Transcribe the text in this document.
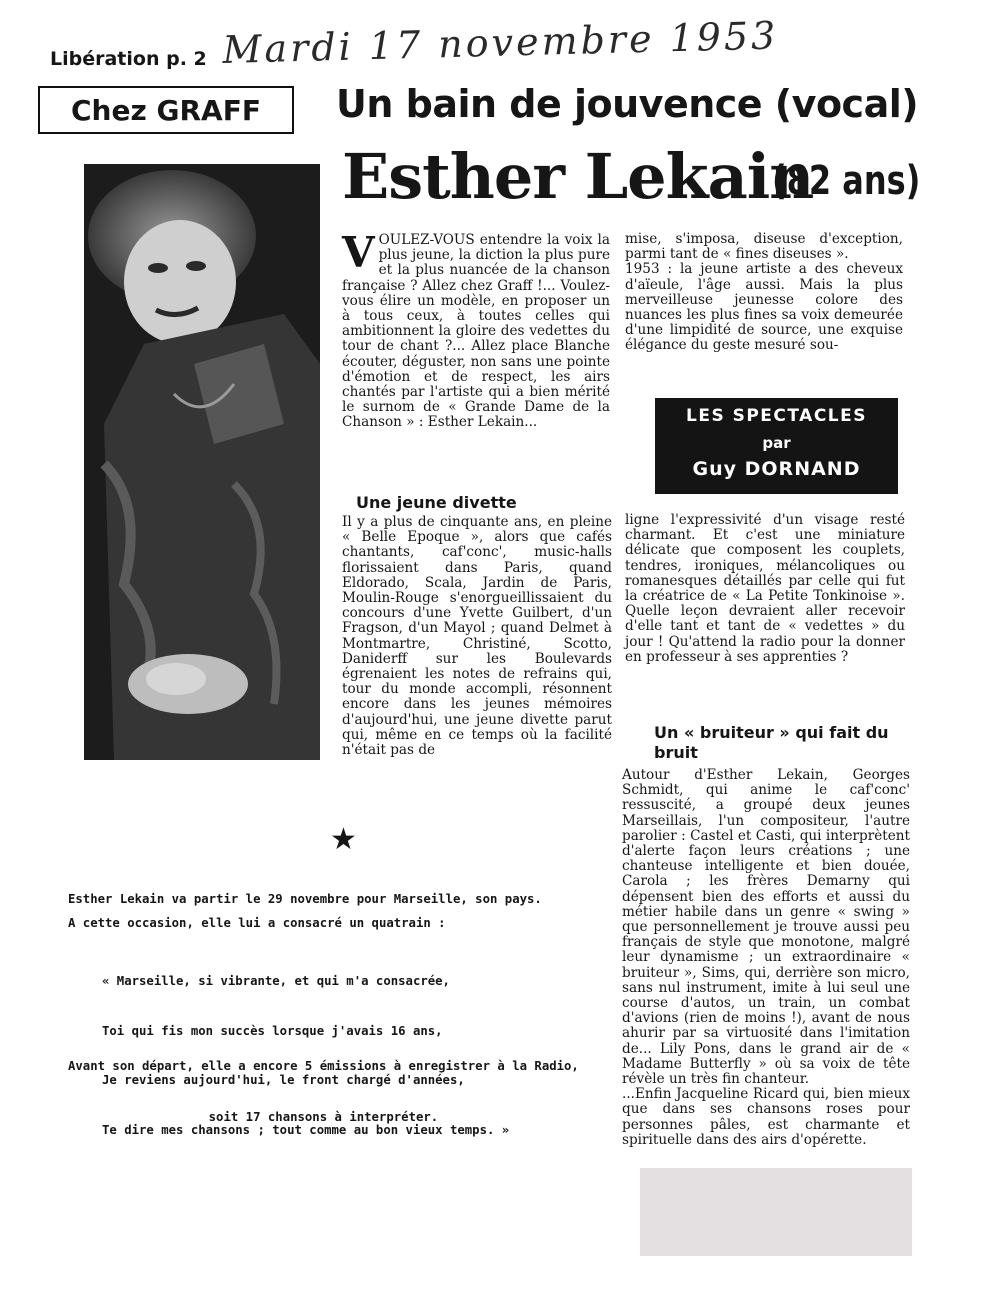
Libération p. 2 Mardi 17 novembre 1953
Chez GRAFF Un bain de jouvence (vocal)
Esther Lekain
(82 ans)
V OULEZ-VOUS entendre la voix la plus jeune, la diction la plus pure et la plus nuancée de la chanson française ? Allez chez Graff !... Voulez-vous élire un modèle, en proposer un à tous ceux, à toutes celles qui ambitionnent la gloire des vedettes du tour de chant ?... Allez place Blanche écouter, déguster, non sans une pointe d'émotion et de respect, les airs chantés par l'artiste qui a bien mérité le surnom de « Grande Dame de la Chanson » : Esther Lekain...

Une jeune divette

Il y a plus de cinquante ans, en pleine « Belle Epoque », alors que cafés chantants, caf'conc', music-halls florissaient dans Paris, quand Eldorado, Scala, Jardin de Paris, Moulin-Rouge s'enorgueillissaient du concours d'une Yvette Guilbert, d'un Fragson, d'un Mayol ; quand Delmet à Montmartre, Christiné, Scotto, Daniderff sur les Boulevards égrenaient les notes de refrains qui, tour du monde accompli, résonnent encore dans les jeunes mémoires d'aujourd'hui, une jeune divette parut qui, même en ce temps où la facilité n'était pas de

mise, s'imposa, diseuse d'exception, parmi tant de « fines diseuses ».

1953 : la jeune artiste a des cheveux d'aïeule, l'âge aussi. Mais la plus merveilleuse jeunesse colore des nuances les plus fines sa voix demeurée d'une limpidité de source, une exquise élégance du geste mesuré sou-

LES SPECTACLES
par
Guy DORNAND

ligne l'expressivité d'un visage resté charmant. Et c'est une miniature délicate que composent les couplets, tendres, ironiques, mélancoliques ou romanesques détaillés par celle qui fut la créatrice de « La Petite Tonkinoise ». Quelle leçon devraient aller recevoir d'elle tant et tant de « vedettes » du jour ! Qu'attend la radio pour la donner en professeur à ses apprenties ?

Un « bruiteur » qui fait du bruit

Autour d'Esther Lekain, Georges Schmidt, qui anime le caf'conc' ressuscité, a groupé deux jeunes Marseillais, l'un compositeur, l'autre parolier : Castel et Casti, qui interprètent d'alerte façon leurs créations ; une chanteuse intelligente et bien douée, Carola ; les frères Demarny qui dépensent bien des efforts et aussi du métier habile dans un genre « swing » que personnellement je trouve aussi peu français de style que monotone, malgré leur dynamisme ; un extraordinaire « bruiteur », Sims, qui, derrière son micro, sans nul instrument, imite à lui seul une course d'autos, un train, un combat d'avions (rien de moins !), avant de nous ahurir par sa virtuosité dans l'imitation de... Lily Pons, dans le grand air de « Madame Butterfly » où sa voix de tête révèle un très fin chanteur.

...Enfin Jacqueline Ricard qui, bien mieux que dans ses chansons roses pour personnes pâles, est charmante et spirituelle dans des airs d'opérette.

★
Esther Lekain va partir le 29 novembre pour Marseille, son pays.
A cette occasion, elle lui a consacré un quatrain :

« Marseille, si vibrante, et qui m'a consacrée,

Toi qui fis mon succès lorsque j'avais 16 ans,

Je reviens aujourd'hui, le front chargé d'années,

Te dire mes chansons ; tout comme au bon vieux temps. »

Avant son départ, elle a encore 5 émissions à enregistrer à la Radio,

soit 17 chansons à interpréter.
